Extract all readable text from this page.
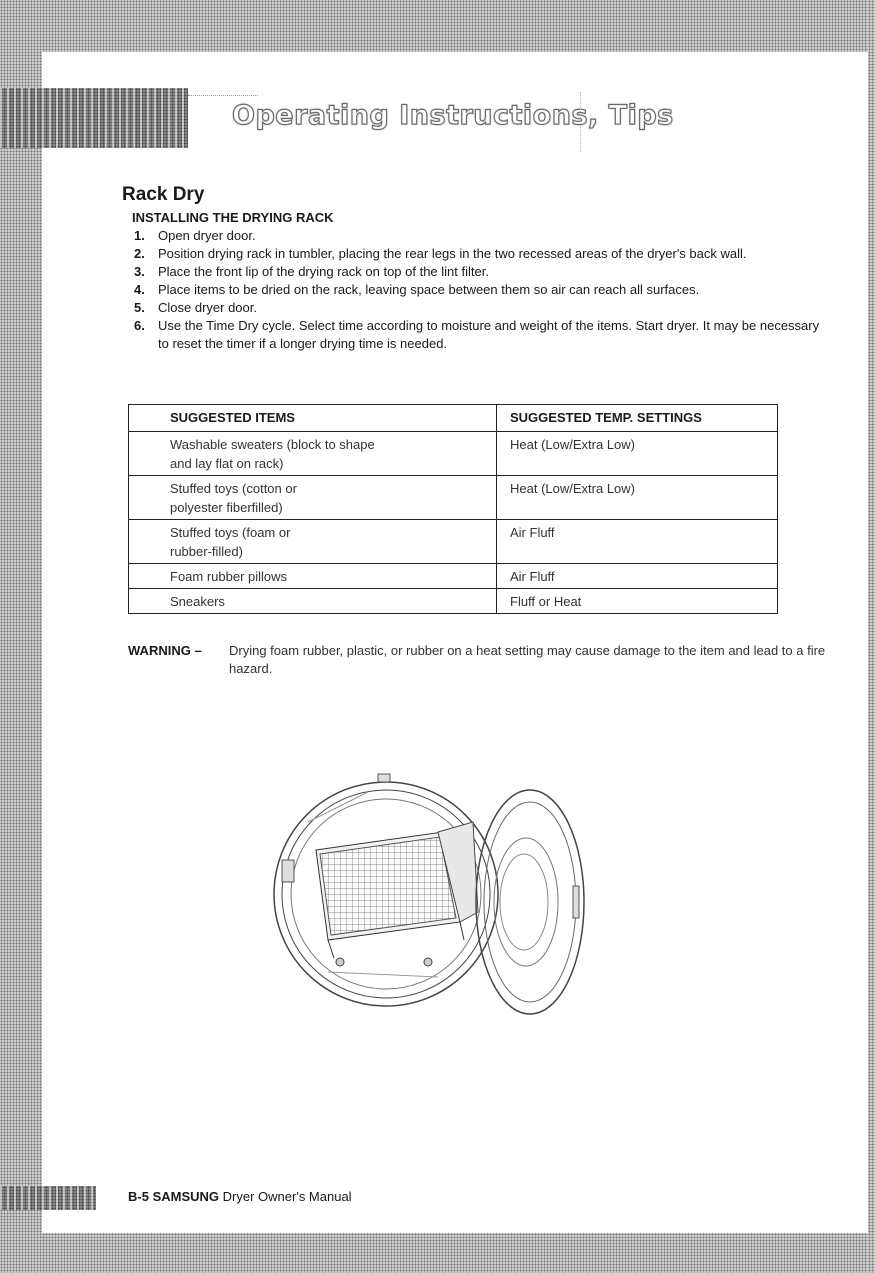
Operating Instructions, Tips
Rack Dry
INSTALLING THE DRYING RACK
1.	Open dryer door.
2.	Position drying rack in tumbler, placing the rear legs in the two recessed areas of the dryer's back wall.
3.	Place the front lip of the drying rack on top of the lint filter.
4.	Place items to be dried on the rack, leaving space between them so air can reach all surfaces.
5.	Close dryer door.
6.	Use the Time Dry cycle. Select time according to moisture and weight of the items. Start dryer. It may be necessary to reset the timer if a longer drying time is needed.
SUGGESTED ITEMS	SUGGESTED TEMP. SETTINGS

Washable sweaters (block to shape and lay flat on rack)	Heat (Low/Extra Low)

Stuffed toys (cotton or polyester fiberfilled)	Heat (Low/Extra Low)

Stuffed toys (foam or rubber-filled)	Air Fluff
Foam rubber pillows	Air Fluff
Sneakers	Fluff or Heat
WARNING –	Drying foam rubber, plastic, or rubber on a heat setting may cause damage to the item and lead to a fire hazard.
B-5 SAMSUNG Dryer Owner's Manual
